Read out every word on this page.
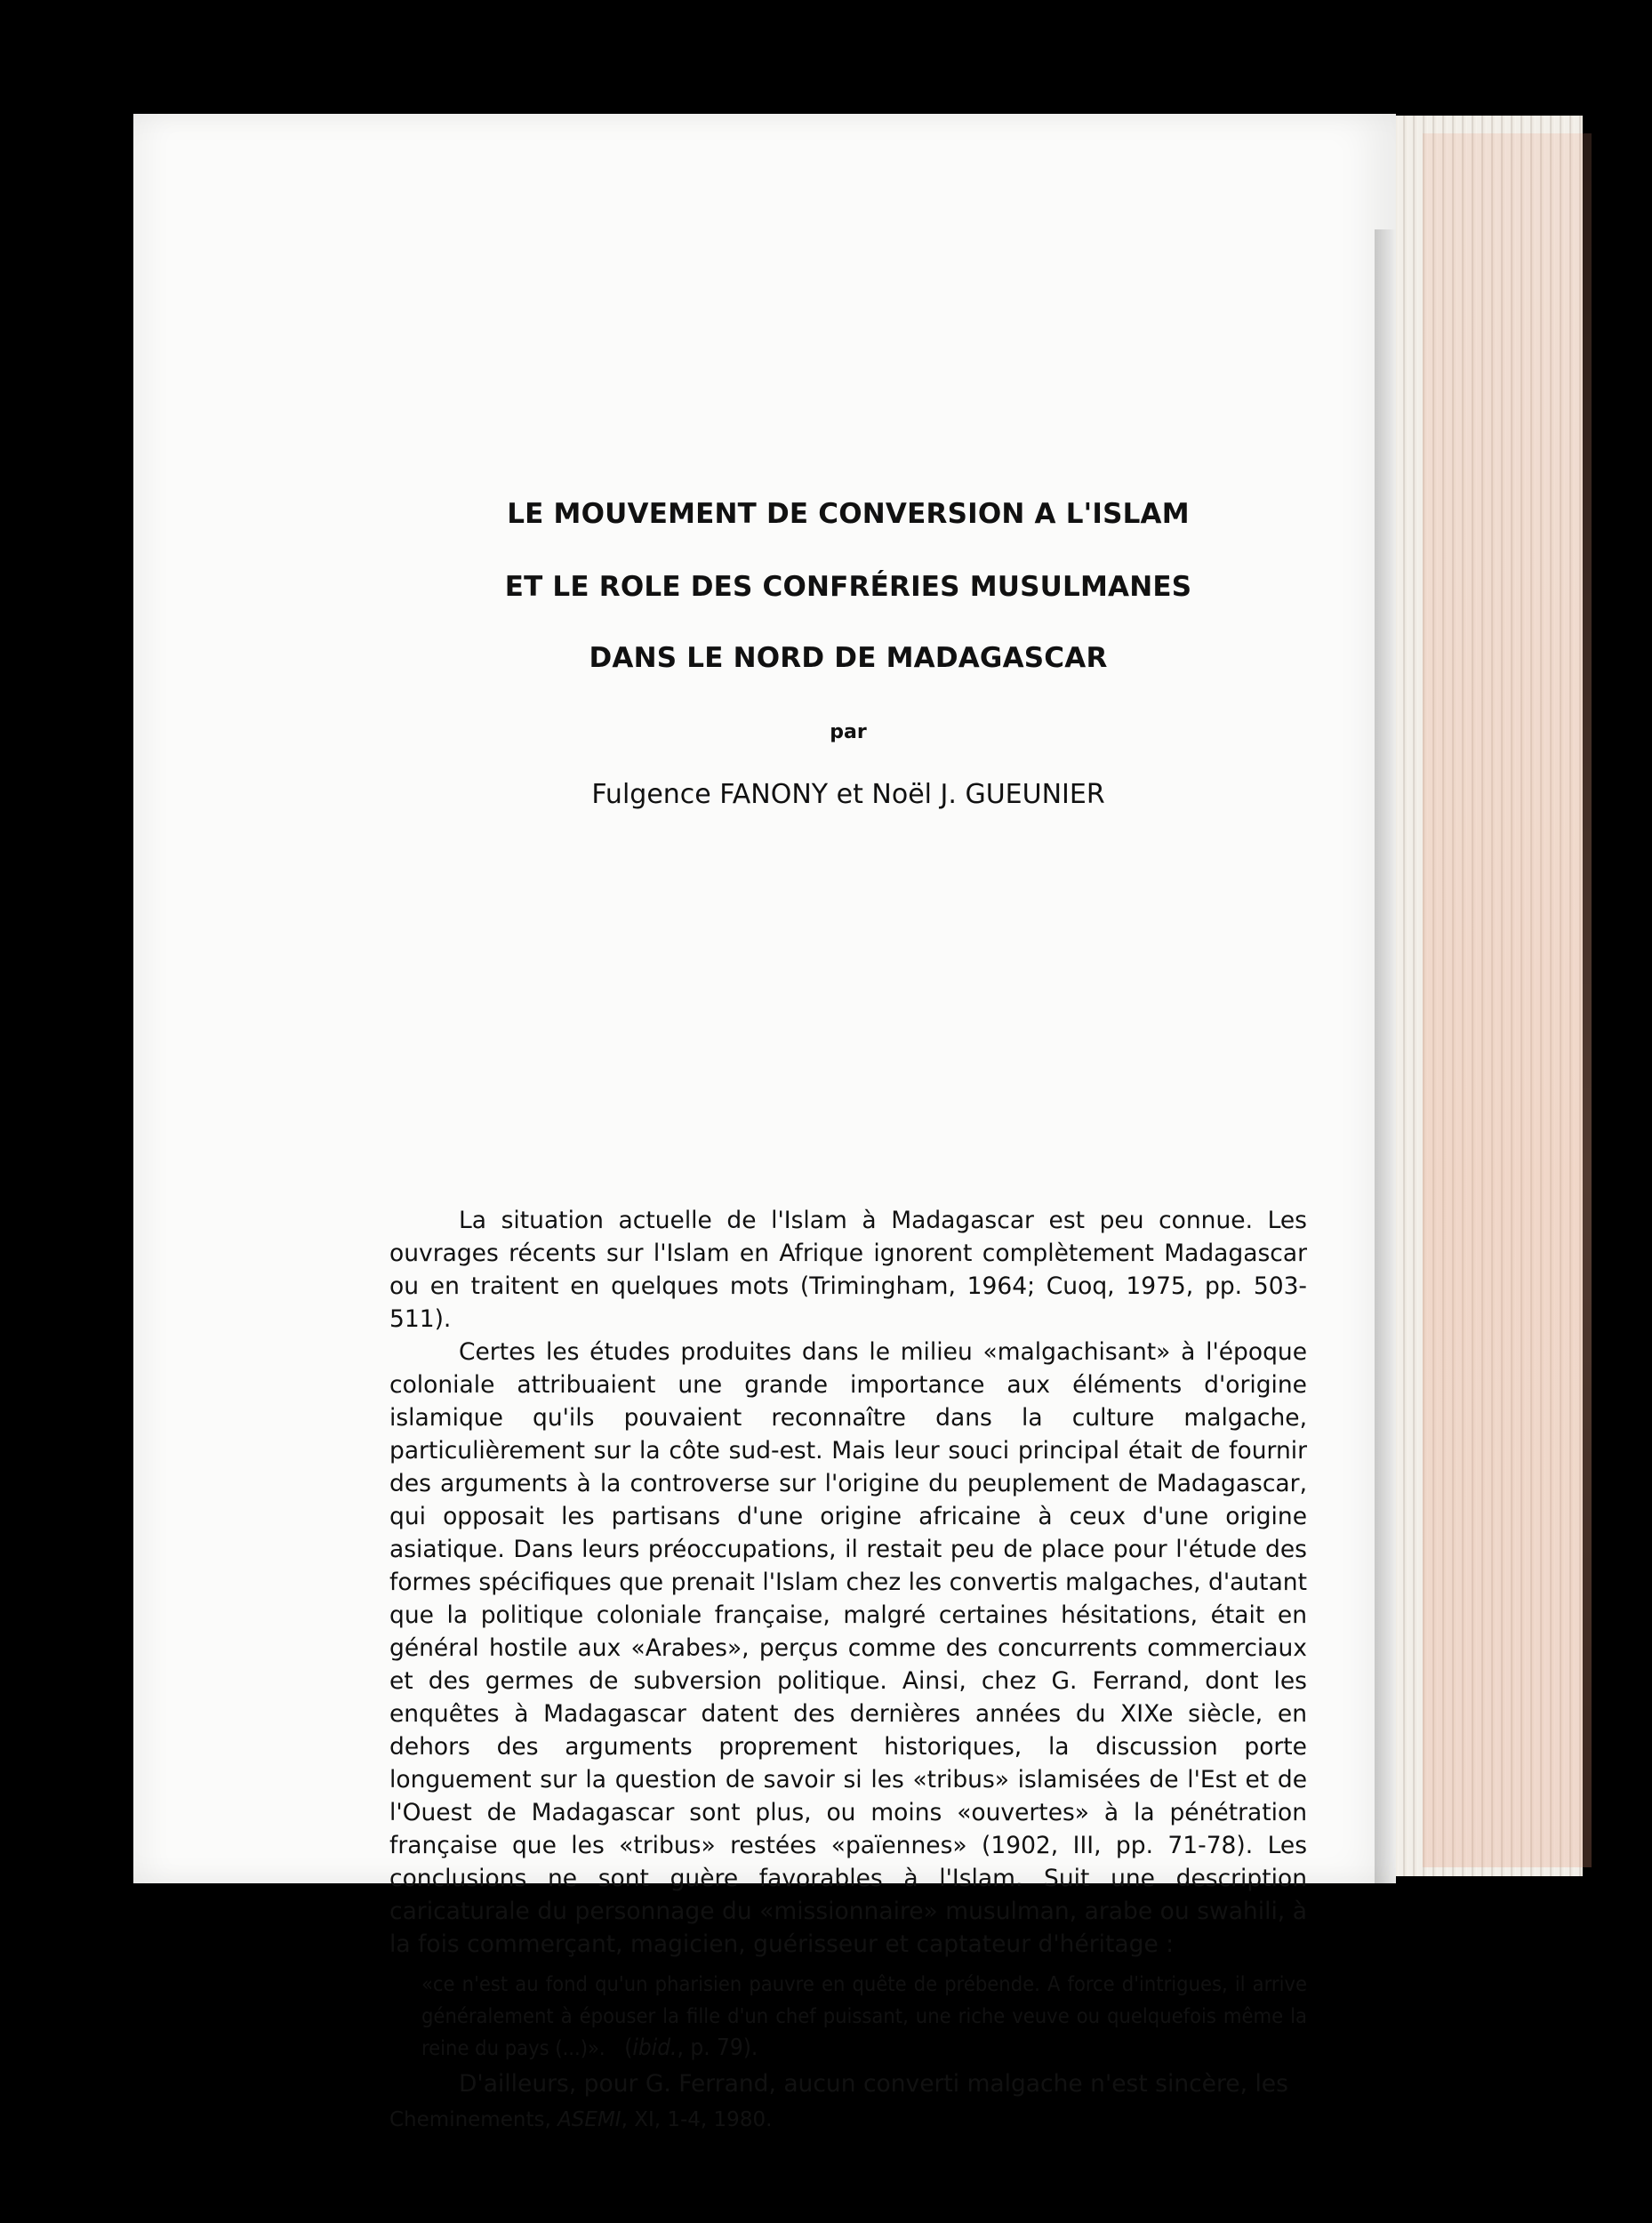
LE MOUVEMENT DE CONVERSION A L'ISLAM
ET LE ROLE DES CONFRÉRIES MUSULMANES
DANS LE NORD DE MADAGASCAR
par
Fulgence FANONY et Noël J. GUEUNIER

La situation actuelle de l'Islam à Madagascar est peu connue. Les ouvrages récents sur l'Islam en Afrique ignorent complètement Madagascar ou en traitent en quelques mots (Trimingham, 1964; Cuoq, 1975, pp. 503-511).

Certes les études produites dans le milieu «malgachisant» à l'époque coloniale attribuaient une grande importance aux éléments d'origine islamique qu'ils pouvaient reconnaître dans la culture malgache, particulièrement sur la côte sud-est. Mais leur souci principal était de fournir des arguments à la controverse sur l'origine du peuplement de Madagascar, qui opposait les partisans d'une origine africaine à ceux d'une origine asiatique. Dans leurs préoccupations, il restait peu de place pour l'étude des formes spécifiques que prenait l'Islam chez les convertis malgaches, d'autant que la politique coloniale française, malgré certaines hésitations, était en général hostile aux «Arabes», perçus comme des concurrents commerciaux et des germes de subversion politique. Ainsi, chez G. Ferrand, dont les enquêtes à Madagascar datent des dernières années du XIXe siècle, en dehors des arguments proprement historiques, la discussion porte longuement sur la question de savoir si les «tribus» islamisées de l'Est et de l'Ouest de Madagascar sont plus, ou moins «ouvertes» à la pénétration française que les «tribus» restées «païennes» (1902, III, pp. 71-78). Les conclusions ne sont guère favorables à l'Islam. Suit une description caricaturale du personnage du «missionnaire» musulman, arabe ou swahili, à la fois commerçant, magicien, guérisseur et captateur d'héritage :

«ce n'est au fond qu'un pharisien pauvre en quête de prébende. A force d'intrigues, il arrive généralement à épouser la fille d'un chef puissant, une riche veuve ou quelquefois même la reine du pays (...)». (ibid., p. 79).

D'ailleurs, pour G. Ferrand, aucun converti malgache n'est sincère, les

Cheminements, ASEMI, XI, 1-4, 1980.
